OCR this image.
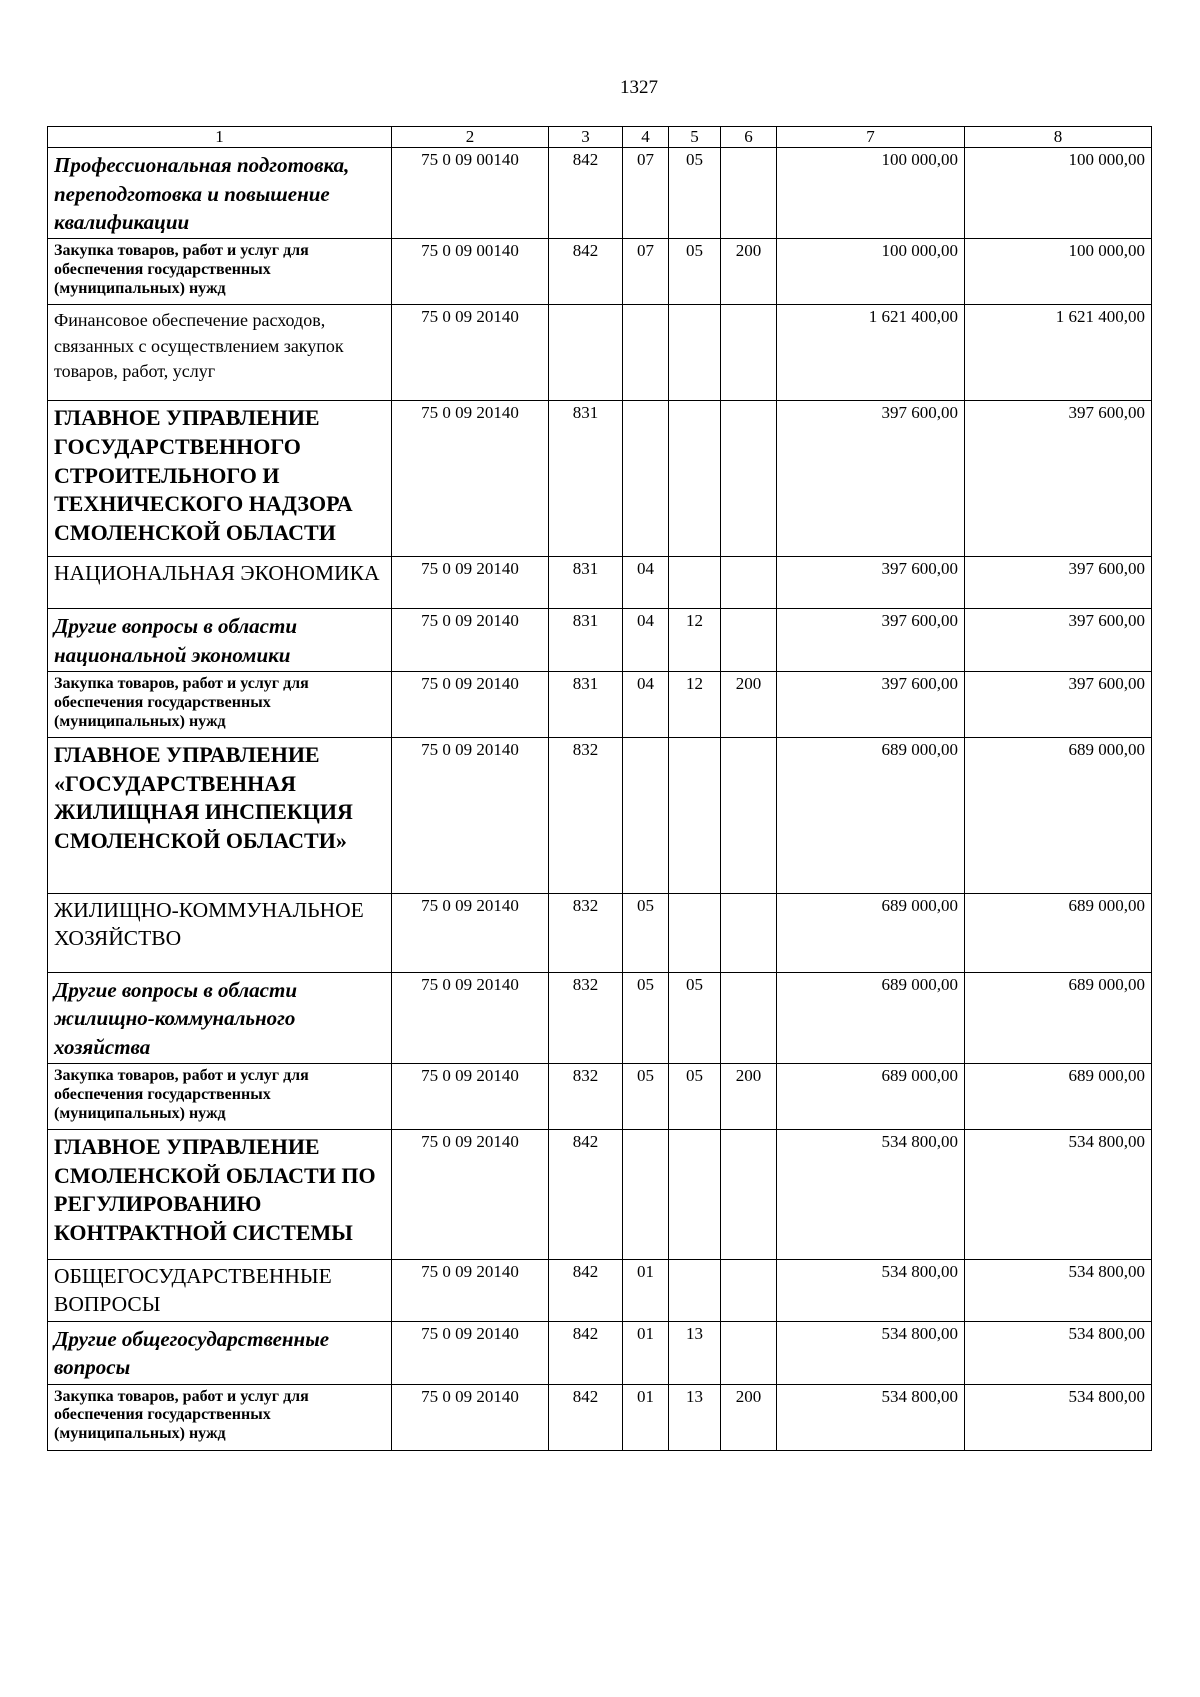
1327
1	2	3	4	5	6	7	8
Профессиональная подготовка, переподготовка и повышение квалификации	75 0 09 00140	842	07	05		100 000,00	100 000,00
Закупка товаров, работ и услуг для обеспечения государственных (муниципальных) нужд	75 0 09 00140	842	07	05	200	100 000,00	100 000,00
Финансовое обеспечение расходов, связанных с осуществлением закупок товаров, работ, услуг	75 0 09 20140					1 621 400,00	1 621 400,00
ГЛАВНОЕ УПРАВЛЕНИЕ ГОСУДАРСТВЕННОГО СТРОИТЕЛЬНОГО И ТЕХНИЧЕСКОГО НАДЗОРА СМОЛЕНСКОЙ ОБЛАСТИ	75 0 09 20140	831				397 600,00	397 600,00
НАЦИОНАЛЬНАЯ ЭКОНОМИКА	75 0 09 20140	831	04			397 600,00	397 600,00
Другие вопросы в области национальной экономики	75 0 09 20140	831	04	12		397 600,00	397 600,00
Закупка товаров, работ и услуг для обеспечения государственных (муниципальных) нужд	75 0 09 20140	831	04	12	200	397 600,00	397 600,00
ГЛАВНОЕ УПРАВЛЕНИЕ «ГОСУДАРСТВЕННАЯ ЖИЛИЩНАЯ ИНСПЕКЦИЯ СМОЛЕНСКОЙ ОБЛАСТИ»	75 0 09 20140	832				689 000,00	689 000,00
ЖИЛИЩНО-КОММУНАЛЬНОЕ ХОЗЯЙСТВО	75 0 09 20140	832	05			689 000,00	689 000,00
Другие вопросы в области жилищно-коммунального хозяйства	75 0 09 20140	832	05	05		689 000,00	689 000,00
Закупка товаров, работ и услуг для обеспечения государственных (муниципальных) нужд	75 0 09 20140	832	05	05	200	689 000,00	689 000,00
ГЛАВНОЕ УПРАВЛЕНИЕ СМОЛЕНСКОЙ ОБЛАСТИ ПО РЕГУЛИРОВАНИЮ КОНТРАКТНОЙ СИСТЕМЫ	75 0 09 20140	842				534 800,00	534 800,00
ОБЩЕГОСУДАРСТВЕННЫЕ ВОПРОСЫ	75 0 09 20140	842	01			534 800,00	534 800,00
Другие общегосударственные вопросы	75 0 09 20140	842	01	13		534 800,00	534 800,00
Закупка товаров, работ и услуг для обеспечения государственных (муниципальных) нужд	75 0 09 20140	842	01	13	200	534 800,00	534 800,00
